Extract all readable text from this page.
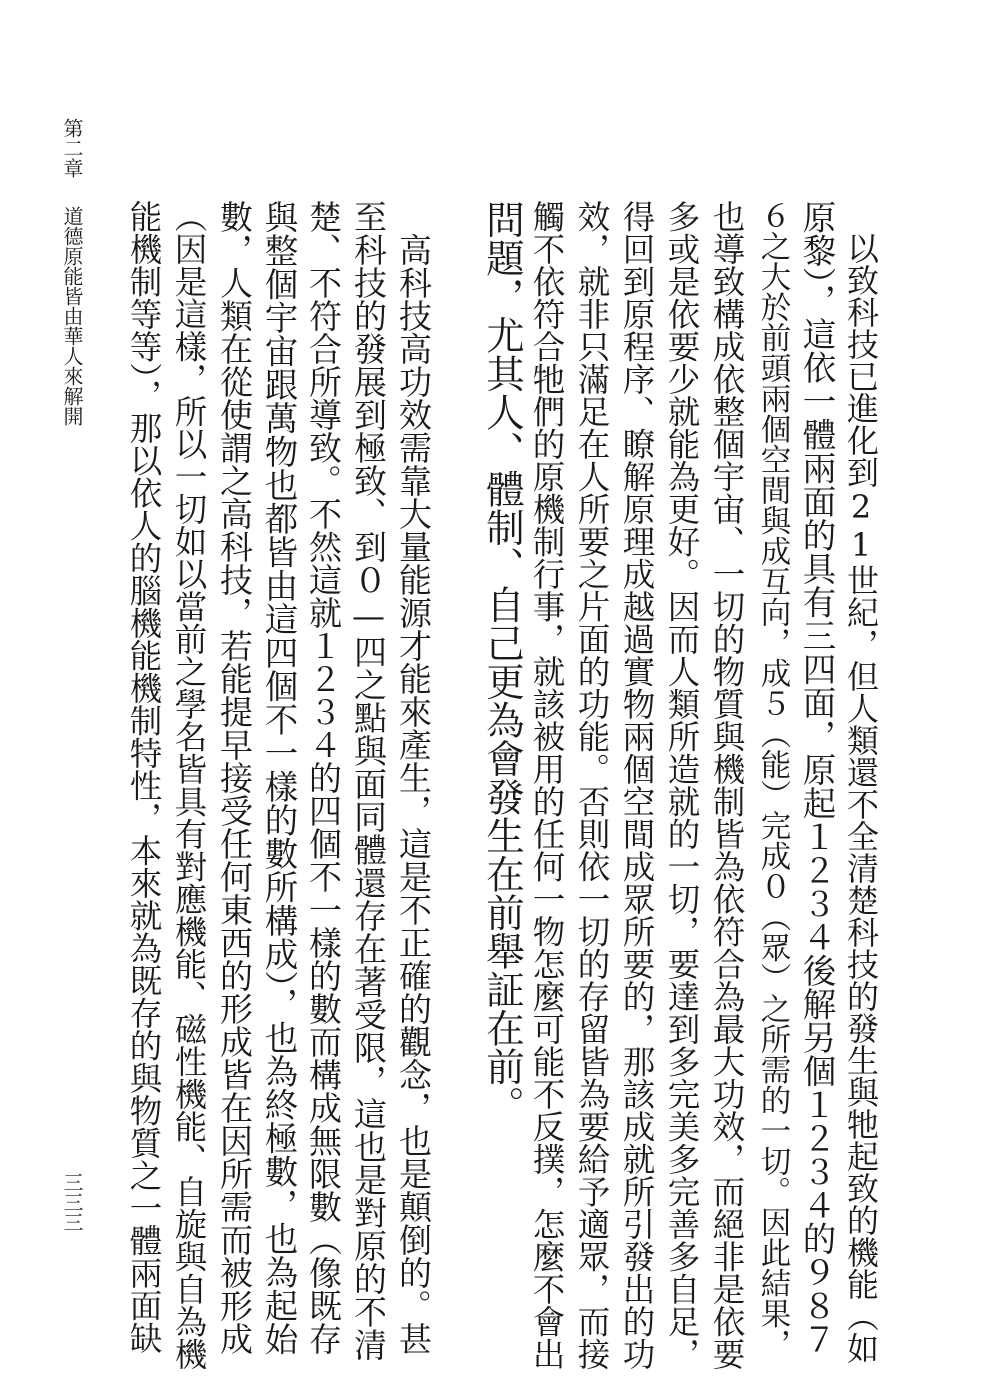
第二章
道德原能皆由華人來解開
三三三	　以致科技已進化到21世紀，但人類還不全清楚科技的發生與牠起致的機能（如
原黎），這依一體兩面的具有三四面，原起１２３４後解另個１２３４的９８７
６之大於前頭兩個空間與成互向，成５（能）完成０（眾）之所需的一切。因此結果，
也導致構成依整個宇宙、一切的物質與機制皆為依符合為最大功效，而絕非是依要
多或是依要少就能為更好。因而人類所造就的一切，要達到多完美多完善多自足，
得回到原程序、瞭解原理成越過實物兩個空間成眾所要的，那該成就所引發出的功
效，就非只滿足在人所要之片面的功能。否則依一切的存留皆為要給予適眾，而接
觸不依符合牠們的原機制行事，就該被用的任何一物怎麼可能不反撲，怎麼不會出
問題，尤其人、體制、自己更為會發生在前舉証在前。
　高科技高功效需靠大量能源才能來產生，這是不正確的觀念，也是顛倒的。甚
至科技的發展到極致、到０—四之點與面同體還存在著受限，這也是對原的不清
楚、不符合所導致。不然這就１２３４的四個不一樣的數而構成無限數（像既存
與整個宇宙跟萬物也都皆由這四個不一樣的數所構成），也為終極數，也為起始
數，人類在從使謂之高科技，若能提早接受任何東西的形成皆在因所需而被形成
（因是這樣，所以一切如以當前之學名皆具有對應機能、磁性機能、自旋與自為機
能機制等等），那以依人的腦機能機制特性，本來就為既存的與物質之一體兩面缺
